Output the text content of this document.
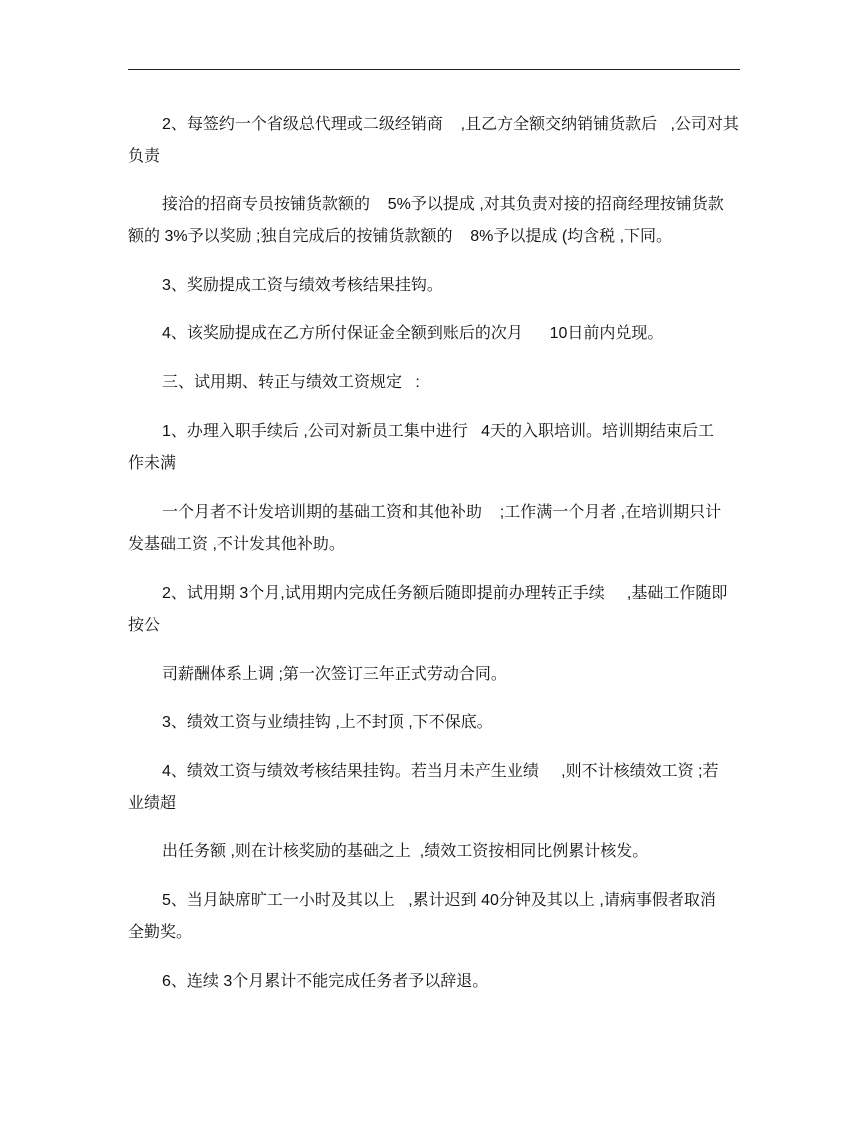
2、每签约一个省级总代理或二级经销商    ,且乙方全额交纳销铺货款后   ,公司对其
负责
接洽的招商专员按铺货款额的    5%予以提成 ,对其负责对接的招商经理按铺货款
额的 3%予以奖励 ;独自完成后的按铺货款额的    8%予以提成 (均含税 ,下同。
3、奖励提成工资与绩效考核结果挂钩。
4、该奖励提成在乙方所付保证金全额到账后的次月      10日前内兑现。
三、试用期、转正与绩效工资规定   :
1、办理入职手续后 ,公司对新员工集中进行   4天的入职培训。培训期结束后工
作未满
一个月者不计发培训期的基础工资和其他补助    ;工作满一个月者 ,在培训期只计
发基础工资 ,不计发其他补助。
2、试用期 3个月,试用期内完成任务额后随即提前办理转正手续     ,基础工作随即
按公
司薪酬体系上调 ;第一次签订三年正式劳动合同。
3、绩效工资与业绩挂钩 ,上不封顶 ,下不保底。
4、绩效工资与绩效考核结果挂钩。若当月未产生业绩     ,则不计核绩效工资 ;若
业绩超
出任务额 ,则在计核奖励的基础之上  ,绩效工资按相同比例累计核发。
5、当月缺席旷工一小时及其以上   ,累计迟到 40分钟及其以上 ,请病事假者取消
全勤奖。
6、连续 3个月累计不能完成任务者予以辞退。
